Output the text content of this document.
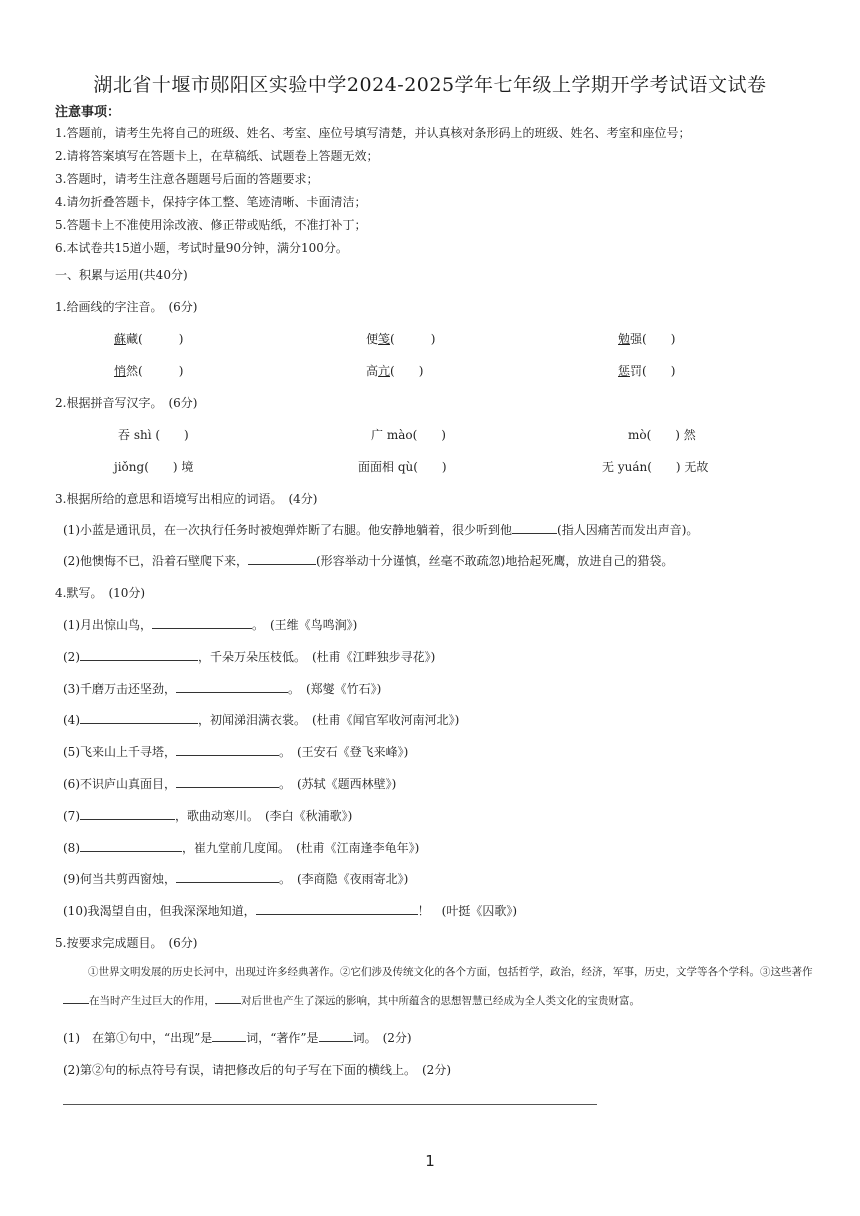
湖北省十堰市郧阳区实验中学2024-2025学年七年级上学期开学考试语文试卷
注意事项：
1.答题前，请考生先将自己的班级、姓名、考室、座位号填写清楚，并认真核对条形码上的班级、姓名、考室和座位号；
2.请将答案填写在答题卡上，在草稿纸、试题卷上答题无效；
3.答题时，请考生注意各题题号后面的答题要求；
4.请勿折叠答题卡，保持字体工整、笔迹清晰、卡面清洁；
5.答题卡上不准使用涂改液、修正带或贴纸，不准打补丁；
6.本试卷共15道小题，考试时量90分钟，满分100分。
一、积累与运用(共40分)
1.给画线的字注音。　(6分)
蘇藏(　　　)	便笺(　　　)	勉强(　　)
悄然(　　　)	高亢(　　)	惩罚(　　)
2.根据拼音写汉字。　(6分)
吞 shì (　　)	广 mào(　　)	mò(　　) 然
jiǒng(　　) 境	面面相 qù(　　)	无 yuán(　　) 无故
3.根据所给的意思和语境写出相应的词语。　(4分)
(1)小蓝是通讯员，在一次执行任务时被炮弹炸断了右腿。他安静地躺着，很少听到他	(指人因痛苦而发出声音)。
(2)他懊悔不已，沿着石壁爬下来，	(形容举动十分谨慎，丝毫不敢疏忽)地拾起死鹰，放进自己的猎袋。
4.默写。　(10分)
(1)月出惊山鸟，	。　(王维《鸟鸣涧》)
(2)	，千朵万朵压枝低。　(杜甫《江畔独步寻花》)
(3)千磨万击还坚劲，	。　(郑燮《竹石》)
(4)	，初闻涕泪满衣裳。　(杜甫《闻官军收河南河北》)
(5)飞来山上千寻塔，	。　(王安石《登飞来峰》)
(6)不识庐山真面目，	。　(苏轼《题西林壁》)
(7)	，歌曲动寒川。　(李白《秋浦歌》)
(8)	，崔九堂前几度闻。　(杜甫《江南逢李龟年》)
(9)何当共剪西窗烛，	。　(李商隐《夜雨寄北》)
(10)我渴望自由，但我深深地知道，	！　(叶挺《囚歌》)
5.按要求完成题目。　(6分)
①世界文明发展的历史长河中，出现过许多经典著作。②它们涉及传统文化的各个方面，包括哲学，政治，经济，军事，历史，文学等各个学科。③这些著作在当时产生过巨大的作用， 对后世也产生了深远的影响，其中所蕴含的思想智慧已经成为全人类文化的宝贵财富。
(1)　在第①句中，“出现”是	词，“著作”是	词。　(2分)
(2)第②句的标点符号有误，请把修改后的句子写在下面的横线上。　(2分)
1
